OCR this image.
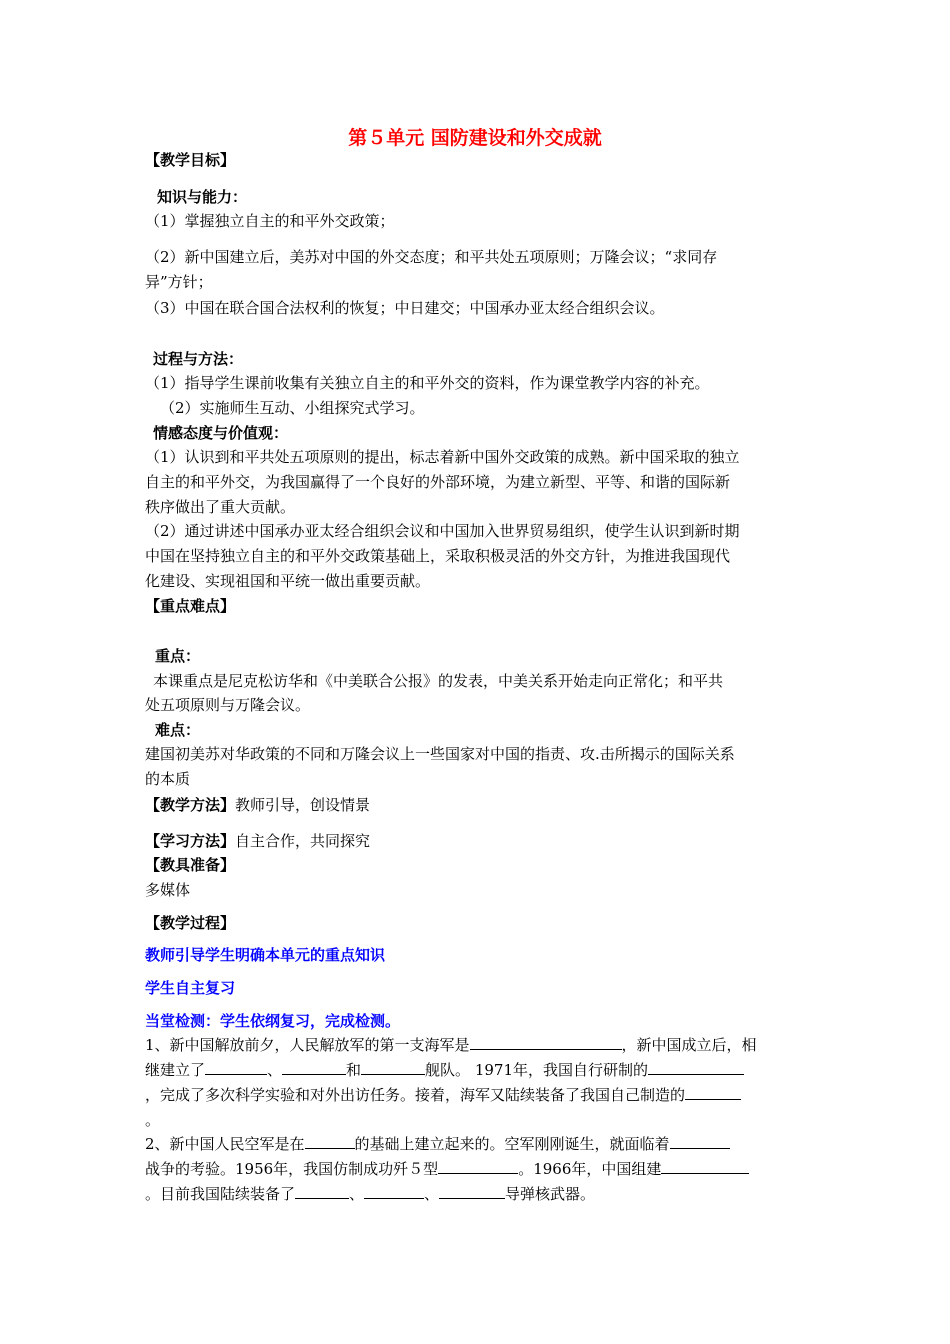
第５单元 国防建设和外交成就
【教学目标】
知识与能力：
（1）掌握独立自主的和平外交政策；
（2）新中国建立后，美苏对中国的外交态度；和平共处五项原则；万隆会议；“求同存
异”方针；
（3）中国在联合国合法权利的恢复；中日建交；中国承办亚太经合组织会议。
过程与方法：
（1）指导学生课前收集有关独立自主的和平外交的资料，作为课堂教学内容的补充。
（2）实施师生互动、小组探究式学习。
情感态度与价值观：
（1）认识到和平共处五项原则的提出，标志着新中国外交政策的成熟。新中国采取的独立
自主的和平外交，为我国赢得了一个良好的外部环境，为建立新型、平等、和谐的国际新
秩序做出了重大贡献。
（2）通过讲述中国承办亚太经合组织会议和中国加入世界贸易组织，使学生认识到新时期
中国在坚持独立自主的和平外交政策基础上，采取积极灵活的外交方针，为推进我国现代
化建设、实现祖国和平统一做出重要贡献。
【重点难点】
重点：
本课重点是尼克松访华和《中美联合公报》的发表，中美关系开始走向正常化；和平共
处五项原则与万隆会议。
难点：
建国初美苏对华政策的不同和万隆会议上一些国家对中国的指责、攻.击所揭示的国际关系
的本质
【教学方法】教师引导，创设情景
【学习方法】自主合作，共同探究
【教具准备】
多媒体
【教学过程】
教师引导学生明确本单元的重点知识
学生自主复习
当堂检测：学生依纲复习，完成检测。
1、新中国解放前夕，人民解放军的第一支海军是	，新中国成立后，相
继建立了	、	和	舰队。 1971年，我国自行研制的
，完成了多次科学实验和对外出访任务。接着，海军又陆续装备了我国自己制造的
。
2、新中国人民空军是在	的基础上建立起来的。空军刚刚诞生，就面临着
战争的考验。1956年，我国仿制成功歼５型	。1966年，中国组建
。目前我国陆续装备了	、	、	导弹核武器。
